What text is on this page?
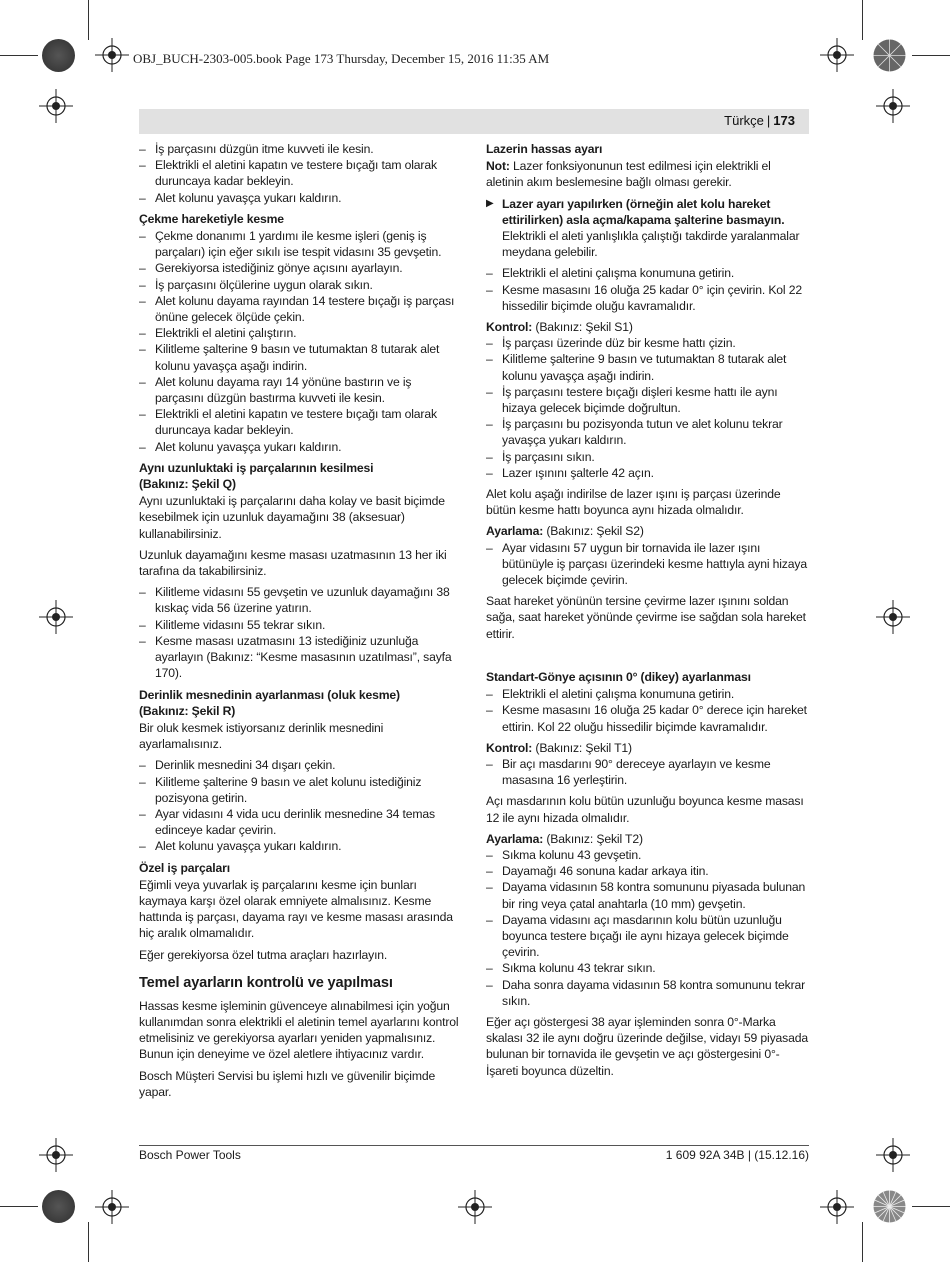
OBJ_BUCH-2303-005.book Page 173 Thursday, December 15, 2016 11:35 AM
Türkçe | 173
– İş parçasını düzgün itme kuvveti ile kesin.
– Elektrikli el aletini kapatın ve testere bıçağı tam olarak duruncaya kadar bekleyin.
– Alet kolunu yavaşça yukarı kaldırın.
Çekme hareketiyle kesme
– Çekme donanımı 1 yardımı ile kesme işleri (geniş iş parçaları) için eğer sıkılı ise tespit vidasını 35 gevşetin.
– Gerekiyorsa istediğiniz gönye açısını ayarlayın.
– İş parçasını ölçülerine uygun olarak sıkın.
– Alet kolunu dayama rayından 14 testere bıçağı iş parçası önüne gelecek ölçüde çekin.
– Elektrikli el aletini çalıştırın.
– Kilitleme şalterine 9 basın ve tutumaktan 8 tutarak alet kolunu yavaşça aşağı indirin.
– Alet kolunu dayama rayı 14 yönüne bastırın ve iş parçasını düzgün bastırma kuvveti ile kesin.
– Elektrikli el aletini kapatın ve testere bıçağı tam olarak duruncaya kadar bekleyin.
– Alet kolunu yavaşça yukarı kaldırın.
Aynı uzunluktaki iş parçalarının kesilmesi
(Bakınız: Şekil Q)

Aynı uzunluktaki iş parçalarını daha kolay ve basit biçimde kesebilmek için uzunluk dayamağını 38 (aksesuar) kullanabilirsiniz.

Uzunluk dayamağını kesme masası uzatmasının 13 her iki tarafına da takabilirsiniz.

– Kilitleme vidasını 55 gevşetin ve uzunluk dayamağını 38 kıskaç vida 56 üzerine yatırın.
– Kilitleme vidasını 55 tekrar sıkın.
– Kesme masası uzatmasını 13 istediğiniz uzunluğa ayarlayın (Bakınız: “Kesme masasının uzatılması”, sayfa 170).
Derinlik mesnedinin ayarlanması (oluk kesme)
(Bakınız: Şekil R)

Bir oluk kesmek istiyorsanız derinlik mesnedini ayarlamalısınız.

– Derinlik mesnedini 34 dışarı çekin.
– Kilitleme şalterine 9 basın ve alet kolunu istediğiniz pozisyona getirin.
– Ayar vidasını 4 vida ucu derinlik mesnedine 34 temas edinceye kadar çevirin.
– Alet kolunu yavaşça yukarı kaldırın.
Özel iş parçaları

Eğimli veya yuvarlak iş parçalarını kesme için bunları kaymaya karşı özel olarak emniyete almalısınız. Kesme hattında iş parçası, dayama rayı ve kesme masası arasında hiç aralık olmamalıdır.

Eğer gerekiyorsa özel tutma araçları hazırlayın.

Temel ayarların kontrolü ve yapılması

Hassas kesme işleminin güvenceye alınabilmesi için yoğun kullanımdan sonra elektrikli el aletinin temel ayarlarını kontrol etmelisiniz ve gerekiyorsa ayarları yeniden yapmalısınız. Bunun için deneyime ve özel aletlere ihtiyacınız vardır.

Bosch Müşteri Servisi bu işlemi hızlı ve güvenilir biçimde yapar.

Lazerin hassas ayarı

Not: Lazer fonksiyonunun test edilmesi için elektrikli el aletinin akım beslemesine bağlı olması gerekir.

▶ Lazer ayarı yapılırken (örneğin alet kolu hareket ettirilirken) asla açma/kapama şalterine basmayın. Elektrikli el aleti yanlışlıkla çalıştığı takdirde yaralanmalar meydana gelebilir.
– Elektrikli el aletini çalışma konumuna getirin.
– Kesme masasını 16 oluğa 25 kadar 0° için çevirin. Kol 22 hissedilir biçimde oluğu kavramalıdır.

Kontrol: (Bakınız: Şekil S1)

– İş parçası üzerinde düz bir kesme hattı çizin.
– Kilitleme şalterine 9 basın ve tutumaktan 8 tutarak alet kolunu yavaşça aşağı indirin.
– İş parçasını testere bıçağı dişleri kesme hattı ile aynı hizaya gelecek biçimde doğrultun.
– İş parçasını bu pozisyonda tutun ve alet kolunu tekrar yavaşça yukarı kaldırın.
– İş parçasını sıkın.
– Lazer ışınını şalterle 42 açın.

Alet kolu aşağı indirilse de lazer ışını iş parçası üzerinde bütün kesme hattı boyunca aynı hizada olmalıdır.

Ayarlama: (Bakınız: Şekil S2)

– Ayar vidasını 57 uygun bir tornavida ile lazer ışını bütünüyle iş parçası üzerindeki kesme hattıyla ayni hizaya gelecek biçimde çevirin.

Saat hareket yönünün tersine çevirme lazer ışınını soldan sağa, saat hareket yönünde çevirme ise sağdan sola hareket ettirir.

Standart-Gönye açısının 0° (dikey) ayarlanması
– Elektrikli el aletini çalışma konumuna getirin.
– Kesme masasını 16 oluğa 25 kadar 0° derece için hareket ettirin. Kol 22 oluğu hissedilir biçimde kavramalıdır.

Kontrol: (Bakınız: Şekil T1)

– Bir açı masdarını 90° dereceye ayarlayın ve kesme masasına 16 yerleştirin.

Açı masdarının kolu bütün uzunluğu boyunca kesme masası 12 ile aynı hizada olmalıdır.

Ayarlama: (Bakınız: Şekil T2)

– Sıkma kolunu 43 gevşetin.
– Dayamağı 46 sonuna kadar arkaya itin.
– Dayama vidasının 58 kontra somununu piyasada bulunan bir ring veya çatal anahtarla (10 mm) gevşetin.
– Dayama vidasını açı masdarının kolu bütün uzunluğu boyunca testere bıçağı ile aynı hizaya gelecek biçimde çevirin.
– Sıkma kolunu 43 tekrar sıkın.
– Daha sonra dayama vidasının 58 kontra somununu tekrar sıkın.

Eğer açı göstergesi 38 ayar işleminden sonra 0°-Marka skalası 32 ile aynı doğru üzerinde değilse, vidayı 59 piyasada bulunan bir tornavida ile gevşetin ve açı göstergesini 0°-İşareti boyunca düzeltin.

Bosch Power Tools	1 609 92A 34B | (15.12.16)
